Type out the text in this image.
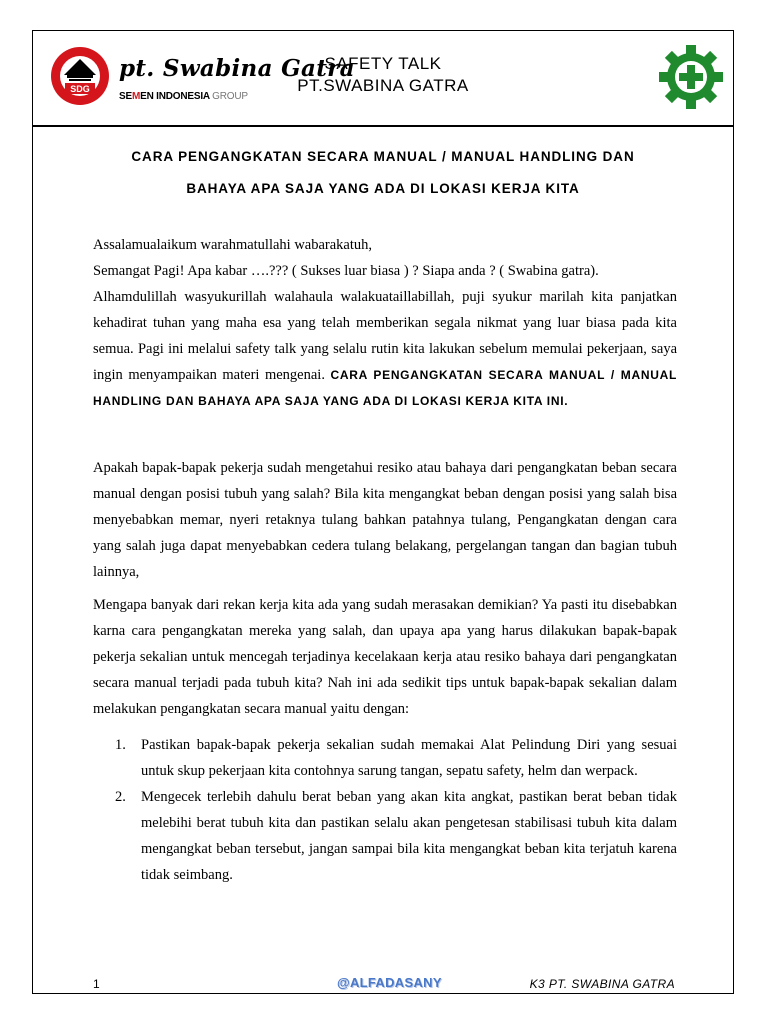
SDG
pt. Swabina Gatra
SEMEN INDONESIA GROUP
SAFETY TALK
PT.SWABINA GATRA
CARA PENGANGKATAN SECARA MANUAL / MANUAL HANDLING DAN
BAHAYA APA SAJA YANG ADA DI LOKASI KERJA KITA

Assalamualaikum warahmatullahi wabarakatuh,

Semangat Pagi! Apa kabar ….??? ( Sukses luar biasa ) ? Siapa anda ? ( Swabina gatra).

Alhamdulillah wasyukurillah walahaula walakuataillabillah, puji syukur marilah kita panjatkan kehadirat tuhan yang maha esa yang telah memberikan segala nikmat yang luar biasa pada kita semua. Pagi ini melalui safety talk yang selalu rutin kita lakukan sebelum memulai pekerjaan, saya ingin menyampaikan materi mengenai. CARA PENGANGKATAN SECARA MANUAL / MANUAL HANDLING DAN BAHAYA APA SAJA YANG ADA DI LOKASI KERJA KITA INI.

Apakah bapak-bapak pekerja sudah mengetahui resiko atau bahaya dari pengangkatan beban secara manual dengan posisi tubuh yang salah? Bila kita mengangkat beban dengan posisi yang salah bisa menyebabkan memar, nyeri retaknya tulang bahkan patahnya tulang, Pengangkatan dengan cara yang salah juga dapat menyebabkan cedera tulang belakang, pergelangan tangan dan bagian tubuh lainnya,

Mengapa banyak dari rekan kerja kita ada yang sudah merasakan demikian? Ya pasti itu disebabkan karna cara pengangkatan mereka yang salah, dan upaya apa yang harus dilakukan bapak-bapak pekerja sekalian untuk mencegah terjadinya kecelakaan kerja atau resiko bahaya dari pengangkatan secara manual terjadi pada tubuh kita? Nah ini ada sedikit tips untuk bapak-bapak sekalian dalam melakukan pengangkatan secara manual yaitu dengan:

1. Pastikan bapak-bapak pekerja sekalian sudah memakai Alat Pelindung Diri yang sesuai untuk skup pekerjaan kita contohnya sarung tangan, sepatu safety, helm dan werpack.
2. Mengecek terlebih dahulu berat beban yang akan kita angkat, pastikan berat beban tidak melebihi berat tubuh kita dan pastikan selalu akan pengetesan stabilisasi tubuh kita dalam mengangkat beban tersebut, jangan sampai bila kita mengangkat beban kita terjatuh karena tidak seimbang.
1	@ALFADASANY	K3 PT. SWABINA GATRA
